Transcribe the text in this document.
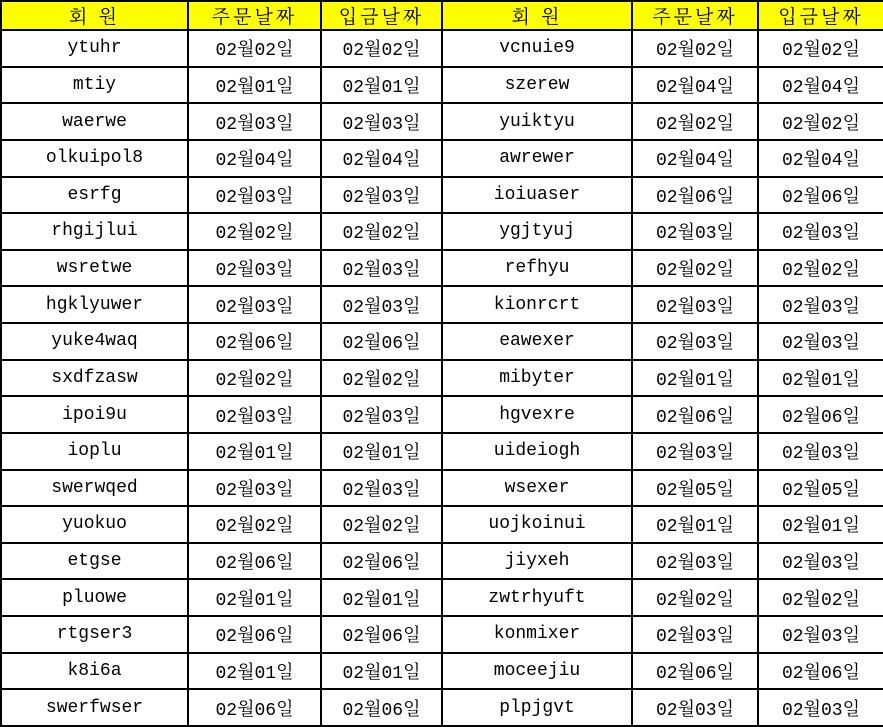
회 원	주문날짜	입금날짜	회 원	주문날짜	입금날짜
ytuhr	02월02일	02월02일	vcnuie9	02월02일	02월02일
mtiy	02월01일	02월01일	szerew	02월04일	02월04일
waerwe	02월03일	02월03일	yuiktyu	02월02일	02월02일
olkuipol8	02월04일	02월04일	awrewer	02월04일	02월04일
esrfg	02월03일	02월03일	ioiuaser	02월06일	02월06일
rhgijlui	02월02일	02월02일	ygjtyuj	02월03일	02월03일
wsretwe	02월03일	02월03일	refhyu	02월02일	02월02일
hgklyuwer	02월03일	02월03일	kionrcrt	02월03일	02월03일
yuke4waq	02월06일	02월06일	eawexer	02월03일	02월03일
sxdfzasw	02월02일	02월02일	mibyter	02월01일	02월01일
ipoi9u	02월03일	02월03일	hgvexre	02월06일	02월06일
ioplu	02월01일	02월01일	uideiogh	02월03일	02월03일
swerwqed	02월03일	02월03일	wsexer	02월05일	02월05일
yuokuo	02월02일	02월02일	uojkoinui	02월01일	02월01일
etgse	02월06일	02월06일	jiyxeh	02월03일	02월03일
pluowe	02월01일	02월01일	zwtrhyuft	02월02일	02월02일
rtgser3	02월06일	02월06일	konmixer	02월03일	02월03일
k8i6a	02월01일	02월01일	moceejiu	02월06일	02월06일
swerfwser	02월06일	02월06일	plpjgvt	02월03일	02월03일
